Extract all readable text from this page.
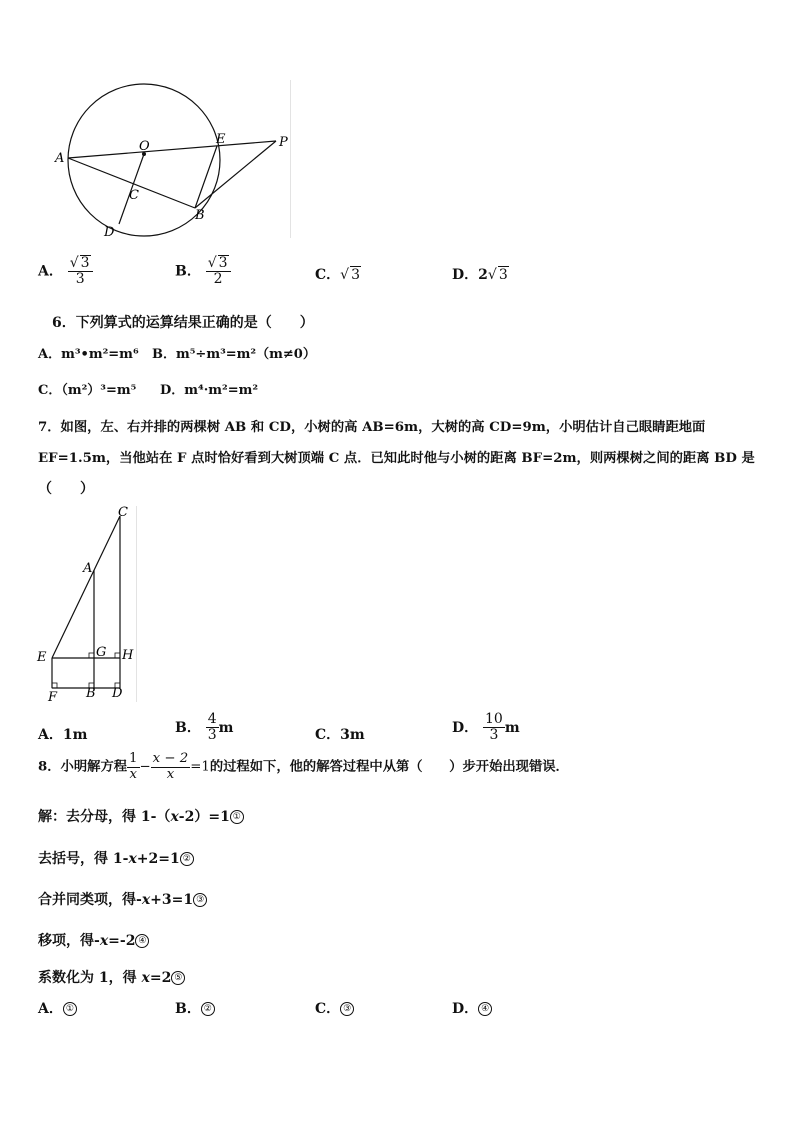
A
O	E	P
C
B
D
A． $\frac{√ 3}{3}$	B． $\frac{√ 3}{2}$	C．√ 3	D．2√ 3
6．下列算式的运算结果正确的是（　　）
A．m³•m²=m⁶ B．m⁵÷m³=m²（m≠0）
C．（m²）³=m⁵ D．m⁴·m²=m²
7．如图，左、右并排的两棵树 AB 和 CD，小树的高 AB=6m，大树的高 CD=9m，小明估计自己眼睛距地面
EF=1.5m，当他站在 F 点时恰好看到大树顶端 C 点．已知此时他与小树的距离 BF=2m，则两棵树之间的距离 BD 是
（　　）
C
A
E	G H
F B D
A．1m	B． $\frac{4}{3}$ m	C．3m	D． $\frac{10}{3}$ m
8．小明解方程 $\frac{1}{x} - \frac{x - 2}{x} =1$的过程如下，他的解答过程中从第（　　）步开始出现错误．
解：去分母，得 1-（x-2）=1 ①
去括号，得 1-x+2=1 ②
合并同类项，得-x+3=1 ③
移项，得-x=-2 ④
系数化为 1，得 x=2 ⑤
A． ①	B． ②	C． ③	D． ④
